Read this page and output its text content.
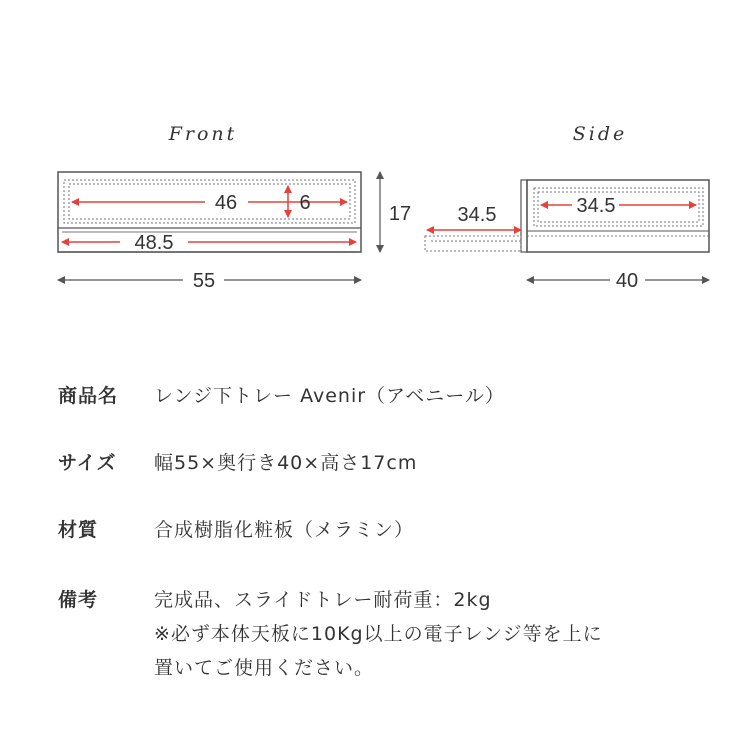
Front	Side
46	6
48.5
55
17 34.5	34.5
40
商品名 レンジ下トレー Avenir（アベニール）
サイズ 幅55×奥行き40×高さ17cm
材質	合成樹脂化粧板（メラミン）
備考	完成品、スライドトレー耐荷重：2kg
※必ず本体天板に10Kg以上の電子レンジ等を上に
置いてご使用ください。
